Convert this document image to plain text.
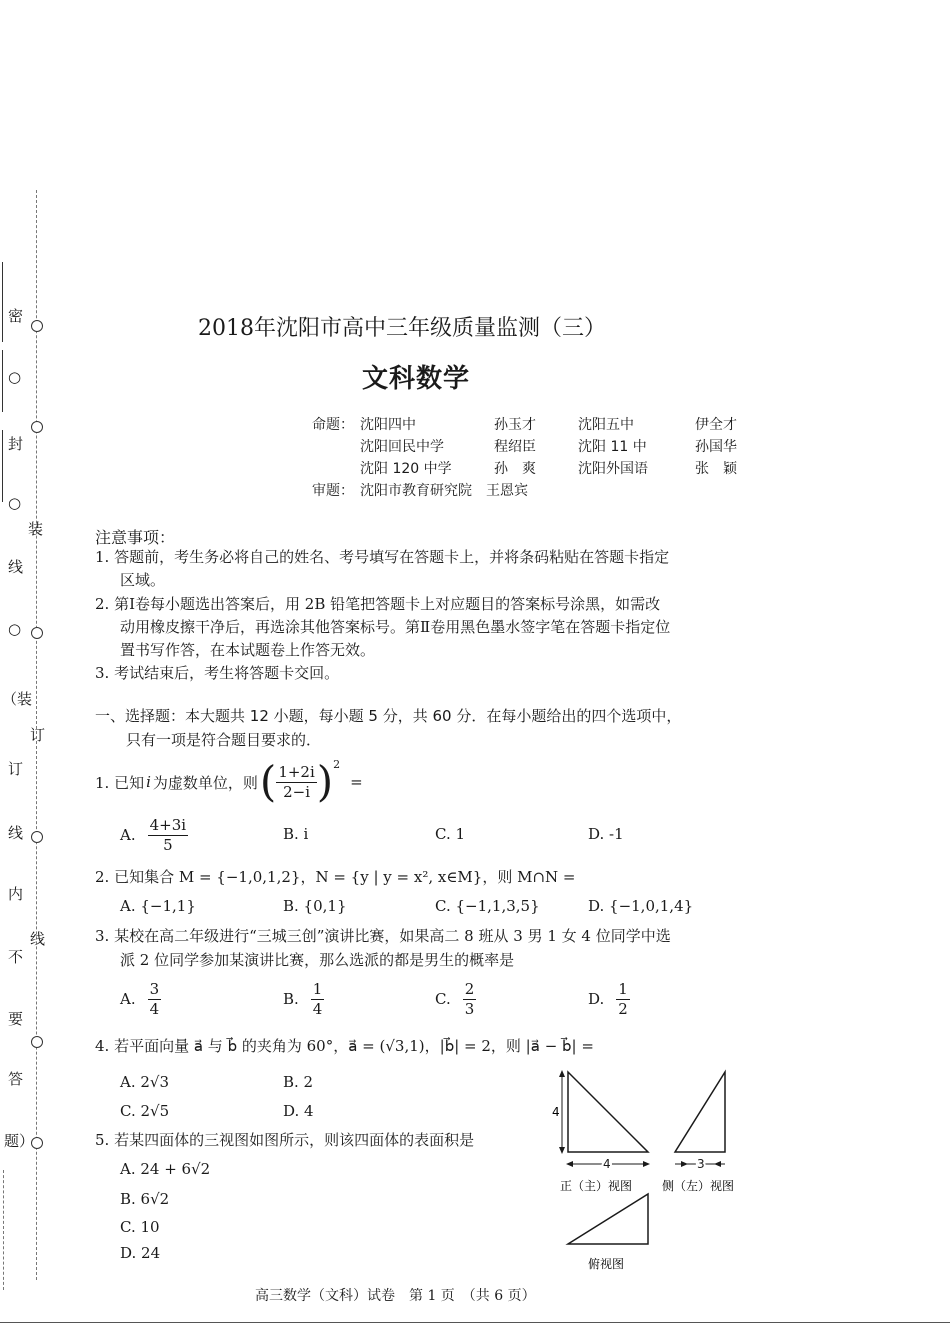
密
○
封
○
装
线
○
（装
订
订
线
内
线
不
要
答
题）
2018年沈阳市高中三年级质量监测（三）
文科数学
命题： 沈阳四中	孙玉才	沈阳五中	伊全才
沈阳回民中学	程绍臣	沈阳 11 中	孙国华
沈阳 120 中学	孙　爽	沈阳外国语	张　颖
审题： 沈阳市教育研究院　王恩宾
注意事项：
1. 答题前，考生务必将自己的姓名、考号填写在答题卡上，并将条码粘贴在答题卡指定
区域。
2. 第Ⅰ卷每小题选出答案后，用 2B 铅笔把答题卡上对应题目的答案标号涂黑，如需改
动用橡皮擦干净后，再选涂其他答案标号。第Ⅱ卷用黑色墨水签字笔在答题卡指定位
置书写作答，在本试题卷上作答无效。
3. 考试结束后，考生将答题卡交回。
一、选择题：本大题共 12 小题，每小题 5 分，共 60 分．在每小题给出的四个选项中，
只有一项是符合题目要求的．
1. 已知 i 为虚数单位，则 ( $\frac{1+2i}{2-i} )^2$
=
A. $\frac{4+3i}{5}$	B. i	C. 1	D. -1
2. 已知集合 M = {−1,0,1,2}，N = {y | y = x², x∈M}，则 M∩N =
A. {−1,1}	B. {0,1}	C. {−1,1,3,5}	D. {−1,0,1,4}
3. 某校在高二年级进行“三城三创”演讲比赛，如果高二 8 班从 3 男 1 女 4 位同学中选
派 2 位同学参加某演讲比赛，那么选派的都是男生的概率是
A. $\frac{3}{4}$	B. $\frac{1}{4}$	C. $\frac{2}{3}$	D. $\frac{1}{2}$
4. 若平面向量 a⃗ 与 b⃗ 的夹角为 60°，a⃗ = (√3,1)，|b⃗| = 2，则 |a⃗ − b⃗| =
A. 2√3	B. 2
C. 2√5	D. 4
5. 若某四面体的三视图如图所示，则该四面体的表面积是
A. 24 + 6√2
B. 6√2
C. 10
D. 24
4
4
正（主）视图
3
侧（左）视图
俯视图
高三数学（文科）试卷　第 1 页　（共 6 页）
